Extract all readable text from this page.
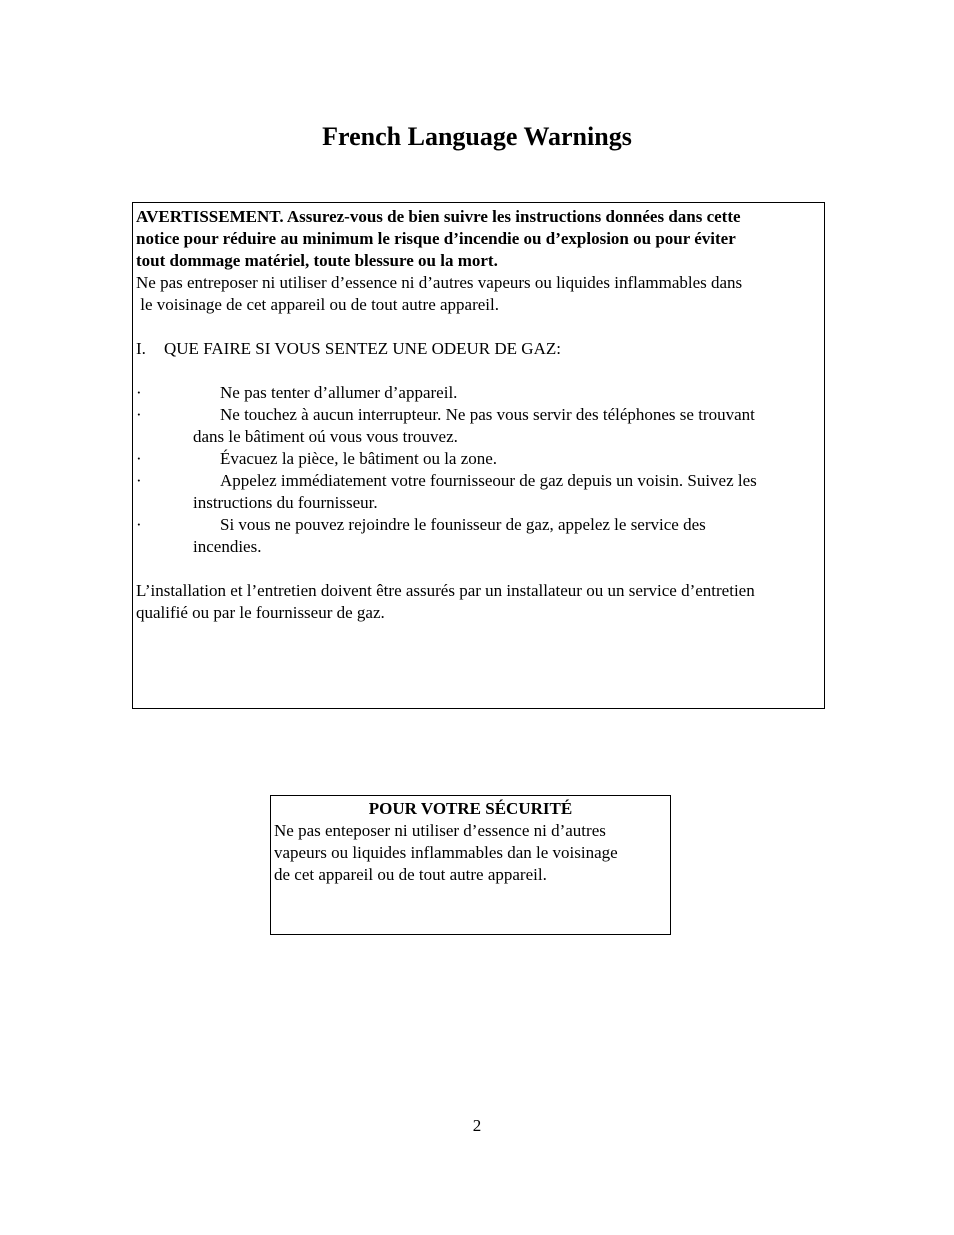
French Language Warnings

AVERTISSEMENT. Assurez-vous de bien suivre les instructions données dans cette

notice pour réduire au minimum le risque d’incendie ou d’explosion ou pour éviter

tout dommage matériel, toute blessure ou la mort.

Ne pas entreposer ni utiliser d’essence ni d’autres vapeurs ou liquides inflammables dans

le voisinage de cet appareil ou de tout autre appareil.

I. QUE FAIRE SI VOUS SENTEZ UNE ODEUR DE GAZ:

·	Ne pas tenter d’allumer d’appareil.

·	Ne touchez à aucun interrupteur. Ne pas vous servir des téléphones se trouvant

dans le bâtiment oú vous vous trouvez.

·	Évacuez la pièce, le bâtiment ou la zone.

·	Appelez immédiatement votre fournisseour de gaz depuis un voisin. Suivez les

instructions du fournisseur.

·	Si vous ne pouvez rejoindre le founisseur de gaz, appelez le service des

incendies.

L’installation et l’entretien doivent être assurés par un installateur ou un service d’entretien

qualifié ou par le fournisseur de gaz.

POUR VOTRE SÉCURITÉ

Ne pas enteposer ni utiliser d’essence ni d’autres

vapeurs ou liquides inflammables dan le voisinage

de cet appareil ou de tout autre appareil.

2
